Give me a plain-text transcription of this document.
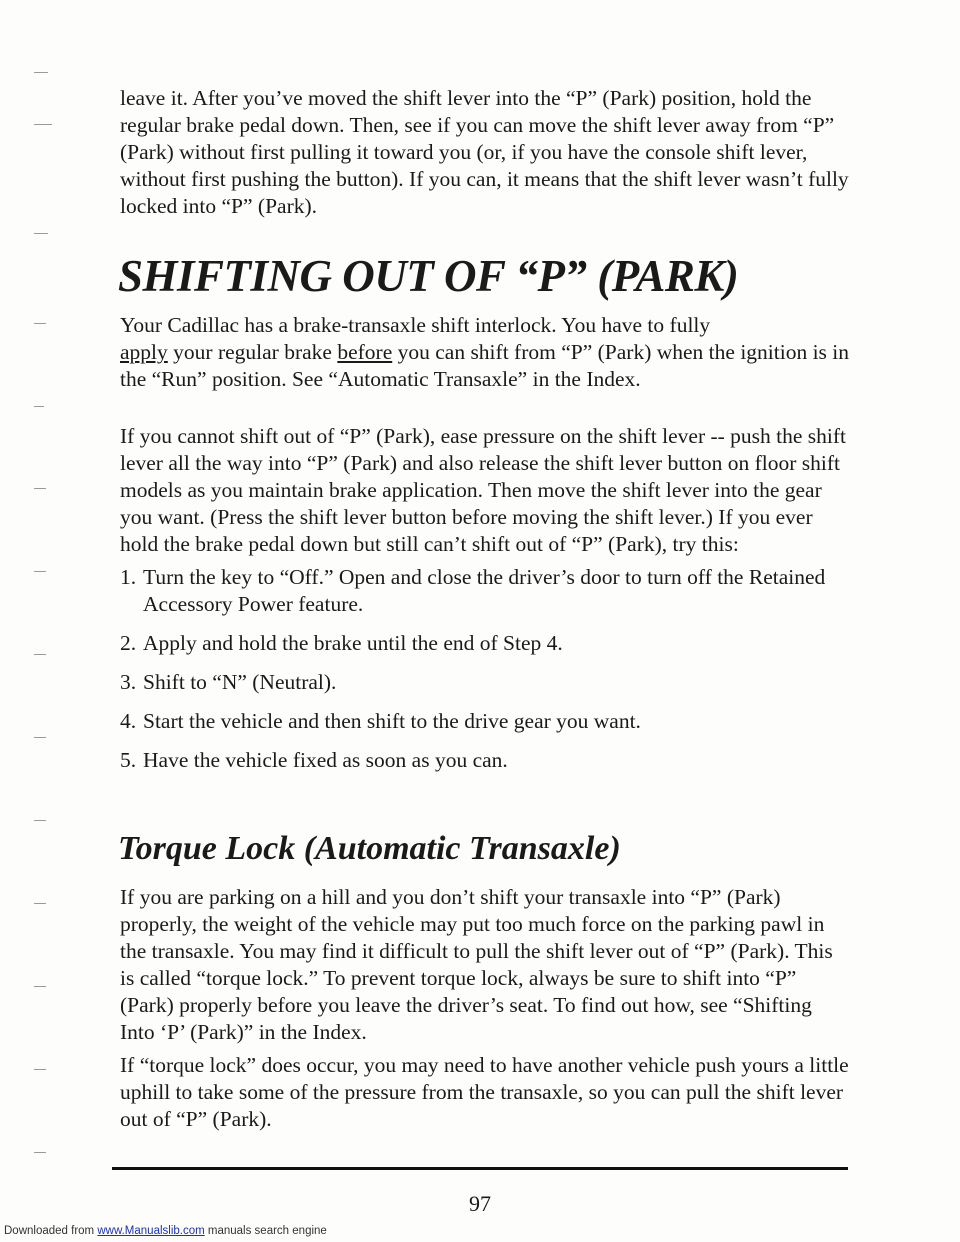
leave it. After you’ve moved the shift lever into the “P” (Park) position, hold the regular brake pedal down. Then, see if you can move the shift lever away from “P” (Park) without first pulling it toward you (or, if you have the console shift lever, without first pushing the button). If you can, it means that the shift lever wasn’t fully locked into “P” (Park).

SHIFTING OUT OF “P” (PARK)

Your Cadillac has a brake-transaxle shift interlock. You have to fully
apply your regular brake before you can shift from “P” (Park) when the ignition is in the “Run” position. See “Automatic Transaxle” in the Index.

If you cannot shift out of “P” (Park), ease pressure on the shift lever -- push the shift lever all the way into “P” (Park) and also release the shift lever button on floor shift models as you maintain brake application. Then move the shift lever into the gear you want. (Press the shift lever button before moving the shift lever.) If you ever hold the brake pedal down but still can’t shift out of “P” (Park), try this:

1. Turn the key to “Off.” Open and close the driver’s door to turn off the Retained Accessory Power feature.
2. Apply and hold the brake until the end of Step 4.
3. Shift to “N” (Neutral).
4. Start the vehicle and then shift to the drive gear you want.
5. Have the vehicle fixed as soon as you can.
Torque Lock (Automatic Transaxle)

If you are parking on a hill and you don’t shift your transaxle into “P” (Park) properly, the weight of the vehicle may put too much force on the parking pawl in the transaxle. You may find it difficult to pull the shift lever out of “P” (Park). This is called “torque lock.” To prevent torque lock, always be sure to shift into “P” (Park) properly before you leave the driver’s seat. To find out how, see “Shifting Into ‘P’ (Park)” in the Index.

If “torque lock” does occur, you may need to have another vehicle push yours a little uphill to take some of the pressure from the transaxle, so you can pull the shift lever out of “P” (Park).

97
Downloaded from www.Manualslib.com manuals search engine
